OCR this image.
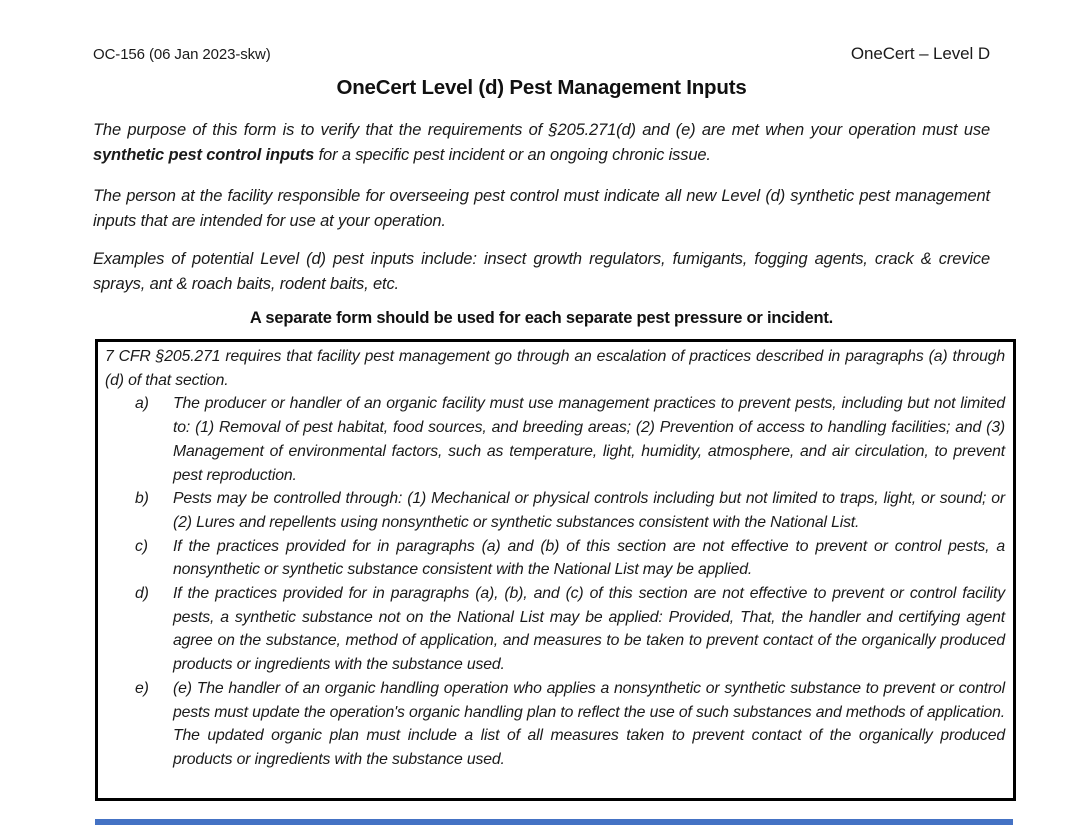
OC-156 (06 Jan 2023-skw)	OneCert – Level D
OneCert Level (d) Pest Management Inputs

The purpose of this form is to verify that the requirements of §205.271(d) and (e) are met when your operation must use synthetic pest control inputs for a specific pest incident or an ongoing chronic issue.

The person at the facility responsible for overseeing pest control must indicate all new Level (d) synthetic pest management inputs that are intended for use at your operation.

Examples of potential Level (d) pest inputs include: insect growth regulators, fumigants, fogging agents, crack & crevice sprays, ant & roach baits, rodent baits, etc.

A separate form should be used for each separate pest pressure or incident.

7 CFR §205.271 requires that facility pest management go through an escalation of practices described in paragraphs (a) through (d) of that section.

a)	The producer or handler of an organic facility must use management practices to prevent pests, including but not limited to: (1) Removal of pest habitat, food sources, and breeding areas; (2) Prevention of access to handling facilities; and (3) Management of environmental factors, such as temperature, light, humidity, atmosphere, and air circulation, to prevent pest reproduction.
b)	Pests may be controlled through: (1) Mechanical or physical controls including but not limited to traps, light, or sound; or (2) Lures and repellents using nonsynthetic or synthetic substances consistent with the National List.
c)	If the practices provided for in paragraphs (a) and (b) of this section are not effective to prevent or control pests, a nonsynthetic or synthetic substance consistent with the National List may be applied.
d)	If the practices provided for in paragraphs (a), (b), and (c) of this section are not effective to prevent or control facility pests, a synthetic substance not on the National List may be applied: Provided, That, the handler and certifying agent agree on the substance, method of application, and measures to be taken to prevent contact of the organically produced products or ingredients with the substance used.
e)	(e) The handler of an organic handling operation who applies a nonsynthetic or synthetic substance to prevent or control pests must update the operation's organic handling plan to reflect the use of such substances and methods of application. The updated organic plan must include a list of all measures taken to prevent contact of the organically produced products or ingredients with the substance used.
